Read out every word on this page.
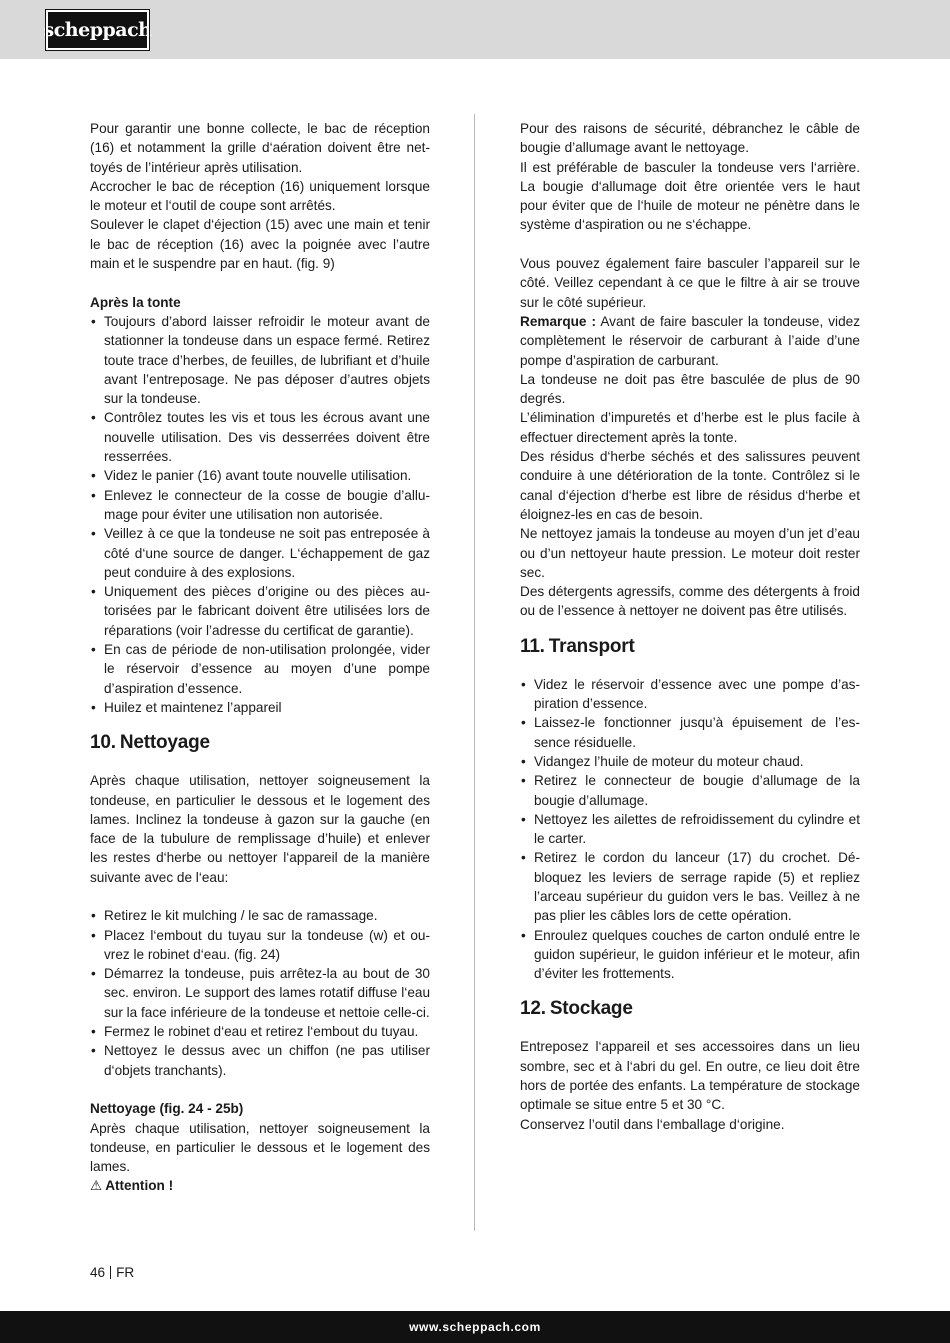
scheppach

Pour garantir une bonne collecte, le bac de réception (16) et notamment la grille d‘aération doivent être nettoyés de l’intérieur après utilisation.

Accrocher le bac de réception (16) uniquement lorsque le moteur et l‘outil de coupe sont arrêtés.

Soulever le clapet d‘éjection (15) avec une main et tenir le bac de réception (16) avec la poignée avec l’autre main et le suspendre par en haut. (fig. 9)

Après la tonte

• Toujours d’abord laisser refroidir le moteur avant de stationner la tondeuse dans un espace fermé. Retirez toute trace d’herbes, de feuilles, de lubrifiant et d’huile avant l’entreposage. Ne pas déposer d’autres objets sur la tondeuse.
• Contrôlez toutes les vis et tous les écrous avant une nouvelle utilisation. Des vis desserrées doivent être resserrées.
• Videz le panier (16) avant toute nouvelle utilisation.
• Enlevez le connecteur de la cosse de bougie d’allumage pour éviter une utilisation non autorisée.
• Veillez à ce que la tondeuse ne soit pas entreposée à côté d‘une source de danger. L‘échappement de gaz peut conduire à des explosions.
• Uniquement des pièces d’origine ou des pièces autorisées par le fabricant doivent être utilisées lors de réparations (voir l’adresse du certificat de garantie).
• En cas de période de non-utilisation prolongée, vider le réservoir d’essence au moyen d’une pompe d’aspiration d’essence.
• Huilez et maintenez l’appareil
10. Nettoyage

Après chaque utilisation, nettoyer soigneusement la tondeuse, en particulier le dessous et le logement des lames. Inclinez la tondeuse à gazon sur la gauche (en face de la tubulure de remplissage d’huile) et enlever les restes d‘herbe ou nettoyer l‘appareil de la manière suivante avec de l‘eau:

• Retirez le kit mulching / le sac de ramassage.
• Placez l‘embout du tuyau sur la tondeuse (w) et ouvrez le robinet d‘eau. (fig. 24)
• Démarrez la tondeuse, puis arrêtez-la au bout de 30 sec. environ. Le support des lames rotatif diffuse l‘eau sur la face inférieure de la tondeuse et nettoie celle-ci.
• Fermez le robinet d‘eau et retirez l‘embout du tuyau.
• Nettoyez le dessus avec un chiffon (ne pas utiliser d‘objets tranchants).

Nettoyage (fig. 24 - 25b)

Après chaque utilisation, nettoyer soigneusement la tondeuse, en particulier le dessous et le logement des lames.

⚠ Attention !

Pour des raisons de sécurité, débranchez le câble de bougie d’allumage avant le nettoyage.

Il est préférable de basculer la tondeuse vers l‘arrière. La bougie d‘allumage doit être orientée vers le haut pour éviter que de l‘huile de moteur ne pénètre dans le système d‘aspiration ou ne s‘échappe.

Vous pouvez également faire basculer l’appareil sur le côté. Veillez cependant à ce que le filtre à air se trouve sur le côté supérieur.

Remarque : Avant de faire basculer la tondeuse, videz complètement le réservoir de carburant à l’aide d’une pompe d’aspiration de carburant.

La tondeuse ne doit pas être basculée de plus de 90 degrés.

L’élimination d’impuretés et d’herbe est le plus facile à effectuer directement après la tonte.

Des résidus d‘herbe séchés et des salissures peuvent conduire à une détérioration de la tonte. Contrôlez si le canal d‘éjection d‘herbe est libre de résidus d‘herbe et éloignez-les en cas de besoin.

Ne nettoyez jamais la tondeuse au moyen d’un jet d’eau ou d’un nettoyeur haute pression. Le moteur doit rester sec.

Des détergents agressifs, comme des détergents à froid ou de l’essence à nettoyer ne doivent pas être utilisés.

11. Transport
• Videz le réservoir d’essence avec une pompe d’aspiration d’essence.
• Laissez-le fonctionner jusqu’à épuisement de l’essence résiduelle.
• Vidangez l’huile de moteur du moteur chaud.
• Retirez le connecteur de bougie d’allumage de la bougie d’allumage.
• Nettoyez les ailettes de refroidissement du cylindre et le carter.
• Retirez le cordon du lanceur (17) du crochet. Débloquez les leviers de serrage rapide (5) et repliez l’arceau supérieur du guidon vers le bas. Veillez à ne pas plier les câbles lors de cette opération.
• Enroulez quelques couches de carton ondulé entre le guidon supérieur, le guidon inférieur et le moteur, afin d’éviter les frottements.
12. Stockage

Entreposez l‘appareil et ses accessoires dans un lieu sombre, sec et à l‘abri du gel. En outre, ce lieu doit être hors de portée des enfants. La température de stockage optimale se situe entre 5 et 30 °C.

Conservez l’outil dans l‘emballage d‘origine.

46 FR
www.scheppach.com
